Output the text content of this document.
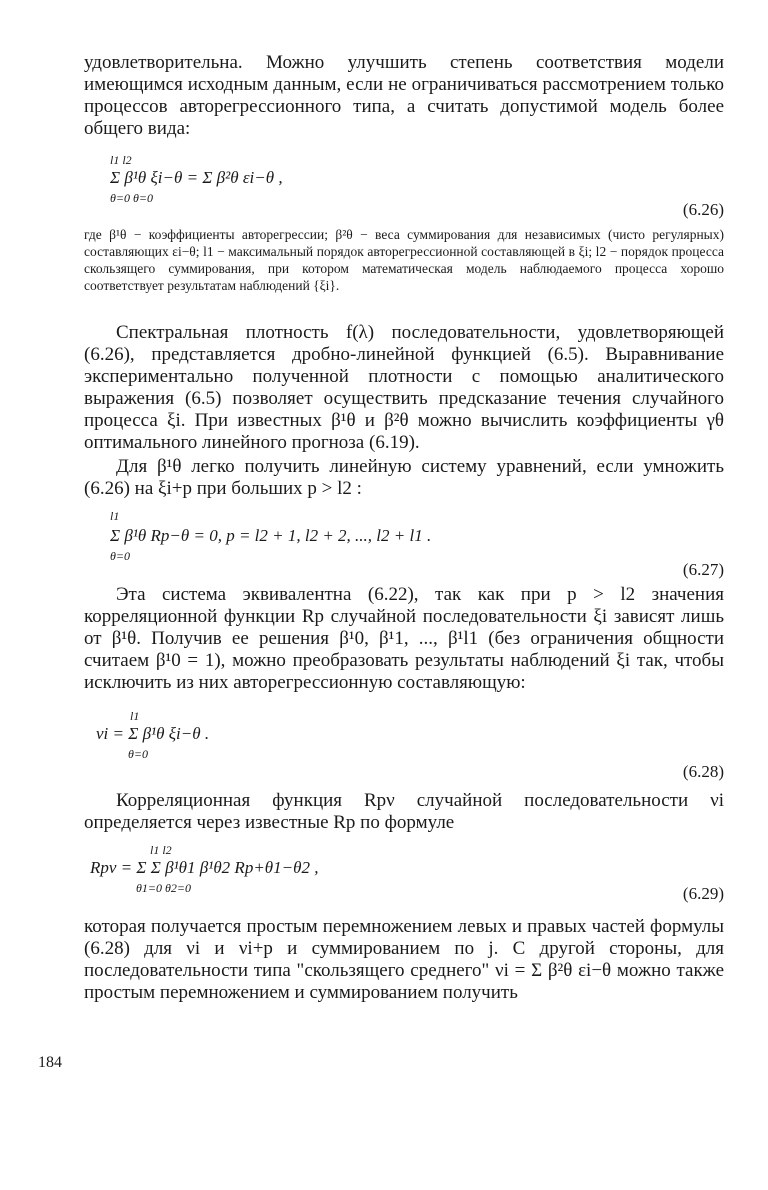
удовлетворительна. Можно улучшить степень соответствия модели имеющимся исходным данным, если не ограничиваться рассмотрением только процессов авторегрессионного типа, а считать допустимой модель более общего вида:
l1 l2
Σ β¹θ ξi−θ = Σ β²θ εi−θ ,
θ=0 θ=0
(6.26)
где β¹θ − коэффициенты авторегрессии; β²θ − веса суммирования для независимых (чисто регулярных) составляющих εi−θ; l1 − максимальный порядок авторегрессионной составляющей в ξi; l2 − порядок процесса скользящего суммирования, при котором математическая модель наблюдаемого процесса хорошо соответствует результатам наблюдений {ξi}.
Спектральная плотность f(λ) последовательности, удовлетворяющей (6.26), представляется дробно-линейной функцией (6.5). Выравнивание экспериментально полученной плотности с помощью аналитического выражения (6.5) позволяет осуществить предсказание течения случайного процесса ξi. При известных β¹θ и β²θ можно вычислить коэффициенты γθ оптимального линейного прогноза (6.19).
Для β¹θ легко получить линейную систему уравнений, если умножить (6.26) на ξi+p при больших p > l2 :
l1
Σ β¹θ Rp−θ = 0, p = l2 + 1, l2 + 2, ..., l2 + l1 .
θ=0
(6.27)
Эта система эквивалентна (6.22), так как при p > l2 значения корреляционной функции Rp случайной последовательности ξi зависят лишь от β¹θ. Получив ее решения β¹0, β¹1, ..., β¹l1 (без ограничения общности считаем β¹0 = 1), можно преобразовать результаты наблюдений ξi так, чтобы исключить из них авторегрессионную составляющую:
l1
νi = Σ β¹θ ξi−θ .
θ=0
(6.28)
Корреляционная функция Rpν случайной последовательности νi определяется через известные Rp по формуле
l1 l2
Rpν = Σ Σ β¹θ1 β¹θ2 Rp+θ1−θ2 ,
θ1=0 θ2=0	(6.29)
которая получается простым перемножением левых и правых частей формулы (6.28) для νi и νi+p и суммированием по j. С другой стороны, для последовательности типа "скользящего среднего" νi = Σ β²θ εi−θ можно также простым перемножением и суммированием получить
184
